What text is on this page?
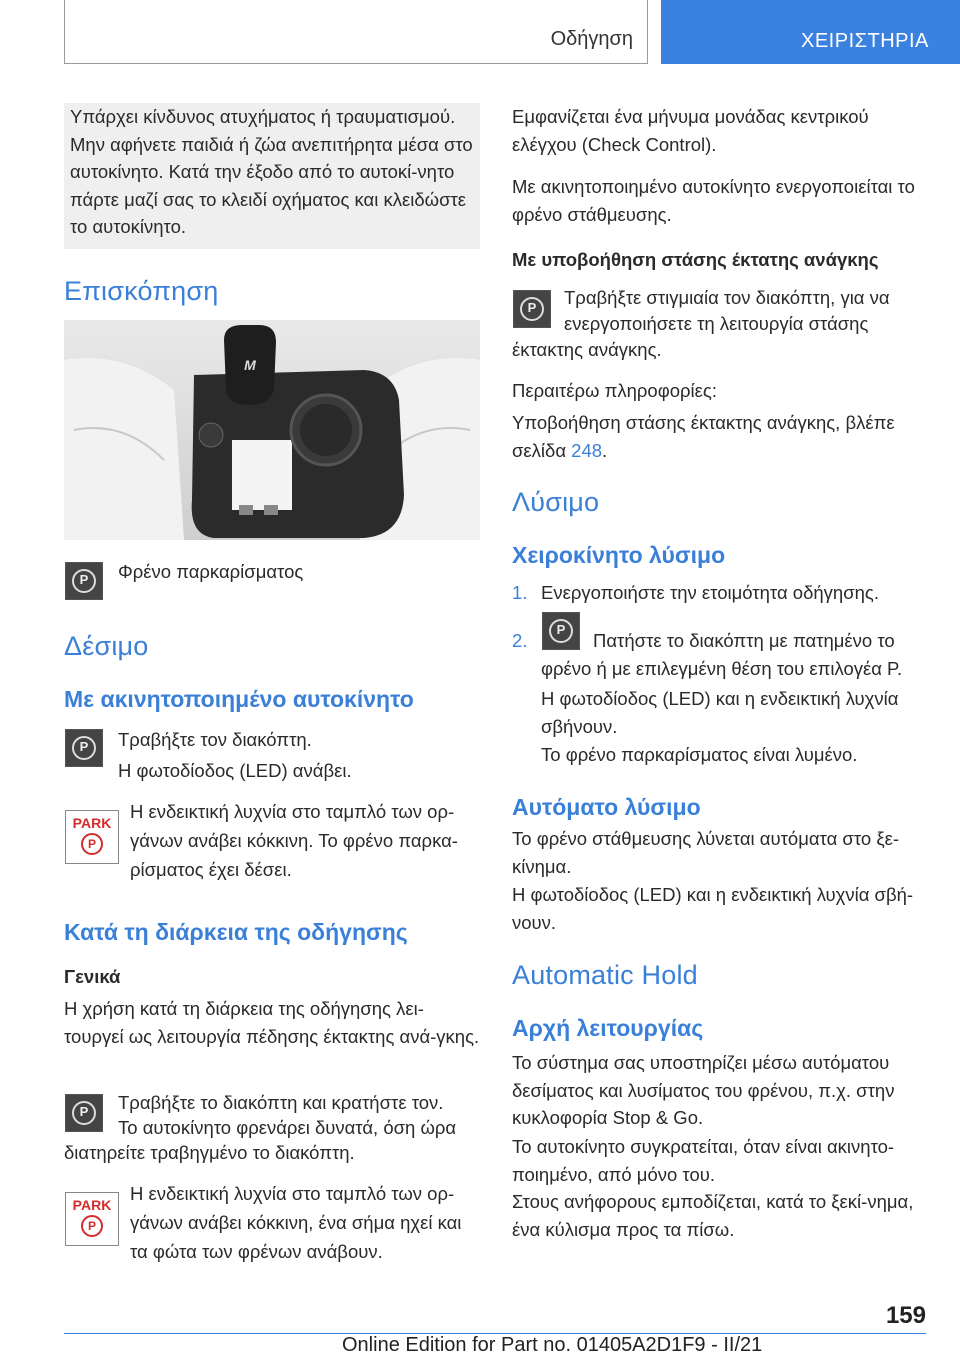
Οδήγηση	ΧΕΙΡΙΣΤΗΡΙΑ

Υπάρχει κίνδυνος ατυχήματος ή τραυματισμού. Μην αφήνετε παιδιά ή ζώα ανεπιτήρητα μέσα στο αυτοκίνητο. Κατά την έξοδο από το αυτοκί-νητο πάρτε μαζί σας το κλειδί οχήματος και κλειδώστε το αυτοκίνητο.

Επισκόπηση
M
P

Φρένο παρκαρίσματος

Δέσιμο
Με ακινητοποιημένο αυτοκίνητο
P

Τραβήξτε τον διακόπτη.

Η φωτοδίοδος (LED) ανάβει.

PARK
P

Η ενδεικτική λυχνία στο ταμπλό των ορ-

γάνων ανάβει κόκκινη. Το φρένο παρκα-

ρίσματος έχει δέσει.

Κατά τη διάρκεια της οδήγησης

Γενικά

Η χρήση κατά τη διάρκεια της οδήγησης λει-τουργεί ως λειτουργία πέδησης έκτακτης ανά-γκης.

P

Τραβήξτε το διακόπτη και κρατήστε τον.

Το αυτοκίνητο φρενάρει δυνατά, όση ώρα

διατηρείτε τραβηγμένο το διακόπτη.

PARK
P

Η ενδεικτική λυχνία στο ταμπλό των ορ-

γάνων ανάβει κόκκινη, ένα σήμα ηχεί και

τα φώτα των φρένων ανάβουν.

Εμφανίζεται ένα μήνυμα μονάδας κεντρικού ελέγχου (Check Control).

Με ακινητοποιημένο αυτοκίνητο ενεργοποιείται το φρένο στάθμευσης.

Με υποβοήθηση στάσης έκτατης ανάγκης

P

Τραβήξτε στιγμιαία τον διακόπτη, για να

ενεργοποιήσετε τη λειτουργία στάσης

έκτακτης ανάγκης.

Περαιτέρω πληροφορίες:

Υποβοήθηση στάσης έκτακτης ανάγκης, βλέπε σελίδα 248.

Λύσιμο
Χειροκίνητο λύσιμο

1. Ενεργοποιήστε την ετοιμότητα οδήγησης.

2.

P	Πατήστε το διακόπτη με πατημένο το

φρένο ή με επιλεγμένη θέση του επιλογέα P.

Η φωτοδίοδος (LED) και η ενδεικτική λυχνία σβήνουν.

Το φρένο παρκαρίσματος είναι λυμένο.

Αυτόματο λύσιμο

Το φρένο στάθμευσης λύνεται αυτόματα στο ξε-κίνημα.

Η φωτοδίοδος (LED) και η ενδεικτική λυχνία σβή-νουν.

Automatic Hold
Αρχή λειτουργίας

Το σύστημα σας υποστηρίζει μέσω αυτόματου δεσίματος και λυσίματος του φρένου, π.χ. στην κυκλοφορία Stop & Go.

Το αυτοκίνητο συγκρατείται, όταν είναι ακινητο-ποιημένο, από μόνο του.

Στους ανήφορους εμποδίζεται, κατά το ξεκί-νημα, ένα κύλισμα προς τα πίσω.

159
Online Edition for Part no. 01405A2D1F9 - II/21
